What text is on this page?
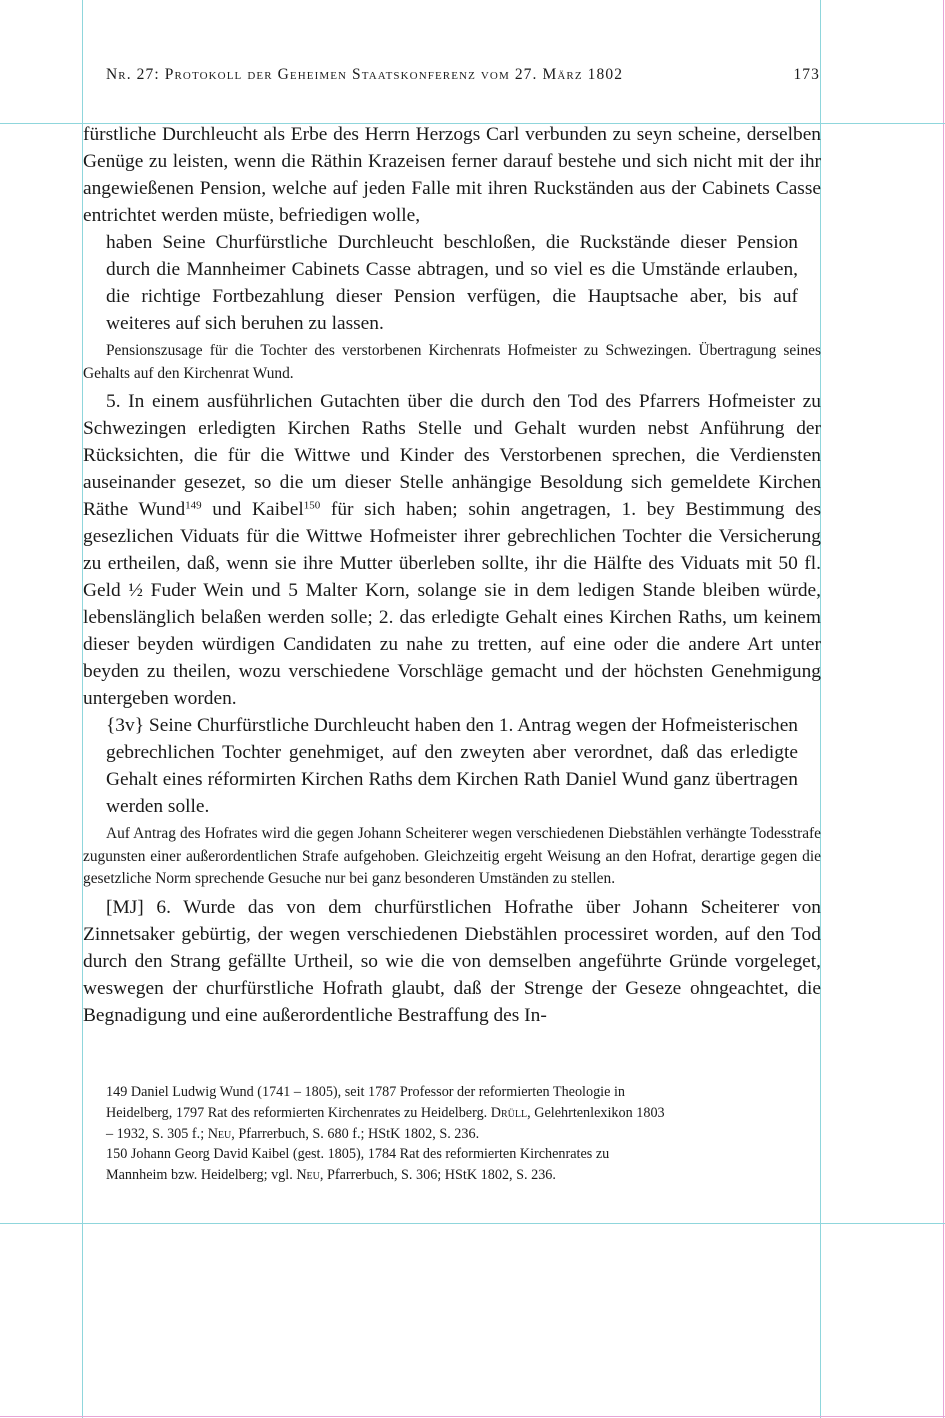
Nr. 27: Protokoll der Geheimen Staatskonferenz vom 27. März 1802	173

fürstliche Durchleucht als Erbe des Herrn Herzogs Carl verbunden zu seyn scheine, derselben Genüge zu leisten, wenn die Räthin Krazeisen ferner darauf bestehe und sich nicht mit der ihr angewießenen Pension, welche auf jeden Falle mit ihren Ruckständen aus der Cabinets Casse entrichtet werden müste, befriedigen wolle,

haben Seine Churfürstliche Durchleucht beschloßen, die Ruckstände dieser Pension durch die Mannheimer Cabinets Casse abtragen, und so viel es die Umstände erlauben, die richtige Fortbezahlung dieser Pension verfügen, die Hauptsache aber, bis auf weiteres auf sich beruhen zu lassen.

Pensionszusage für die Tochter des verstorbenen Kirchenrats Hofmeister zu Schwezingen. Übertragung seines Gehalts auf den Kirchenrat Wund.

5. In einem ausführlichen Gutachten über die durch den Tod des Pfarrers Hofmeister zu Schwezingen erledigten Kirchen Raths Stelle und Gehalt wurden nebst Anführung der Rücksichten, die für die Wittwe und Kinder des Verstorbenen sprechen, die Verdiensten auseinander gesezet, so die um dieser Stelle anhängige Besoldung sich gemeldete Kirchen Räthe Wund$^{149}$ und Kaibel$^{150}$ für sich haben; sohin angetragen, 1. bey Bestimmung des gesezlichen Viduats für die Wittwe Hofmeister ihrer gebrechlichen Tochter die Versicherung zu ertheilen, daß, wenn sie ihre Mutter überleben sollte, ihr die Hälfte des Viduats mit 50 fl. Geld ½ Fuder Wein und 5 Malter Korn, solange sie in dem ledigen Stande bleiben würde, lebenslänglich belaßen werden solle; 2. das erledigte Gehalt eines Kirchen Raths, um keinem dieser beyden würdigen Candidaten zu nahe zu tretten, auf eine oder die andere Art unter beyden zu theilen, wozu verschiedene Vorschläge gemacht und der höchsten Genehmigung untergeben worden.

{3v} Seine Churfürstliche Durchleucht haben den 1. Antrag wegen der Hofmeisterischen gebrechlichen Tochter genehmiget, auf den zweyten aber verordnet, daß das erledigte Gehalt eines réformirten Kirchen Raths dem Kirchen Rath Daniel Wund ganz übertragen werden solle.

Auf Antrag des Hofrates wird die gegen Johann Scheiterer wegen verschiedenen Diebstählen verhängte Todesstrafe zugunsten einer außerordentlichen Strafe aufgehoben. Gleichzeitig ergeht Weisung an den Hofrat, derartige gegen die gesetzliche Norm sprechende Gesuche nur bei ganz besonderen Umständen zu stellen.

[MJ] 6. Wurde das von dem churfürstlichen Hofrathe über Johann Scheiterer von Zinnetsaker gebürtig, der wegen verschiedenen Diebstählen processiret worden, auf den Tod durch den Strang gefällte Urtheil, so wie die von demselben angeführte Gründe vorgeleget, weswegen der churfürstliche Hofrath glaubt, daß der Strenge der Geseze ohngeachtet, die Begnadigung und eine außerordentliche Bestraffung des In-

149 Daniel Ludwig Wund (1741 – 1805), seit 1787 Professor der reformierten Theologie in Heidelberg, 1797 Rat des reformierten Kirchenrates zu Heidelberg. Drüll, Gelehrtenlexikon 1803 – 1932, S. 305 f.; Neu, Pfarrerbuch, S. 680 f.; HStK 1802, S. 236.

150 Johann Georg David Kaibel (gest. 1805), 1784 Rat des reformierten Kirchenrates zu Mannheim bzw. Heidelberg; vgl. Neu, Pfarrerbuch, S. 306; HStK 1802, S. 236.
